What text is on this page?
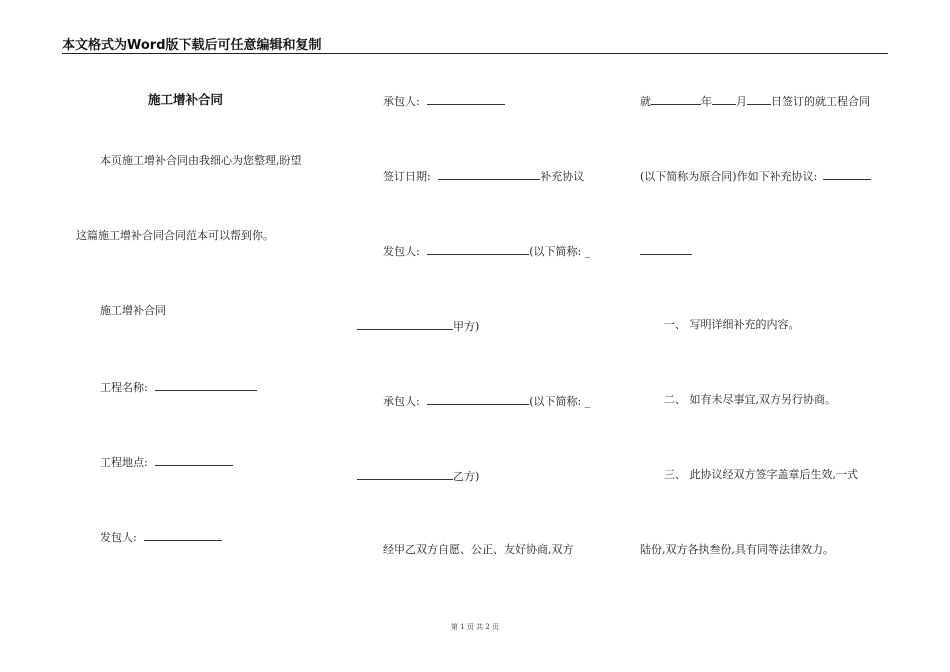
本文格式为Word版下载后可任意编辑和复制
施工增补合同
本页施工增补合同由我细心为您整理,盼望
这篇施工增补合同合同范本可以帮到你。
施工增补合同
工程名称:
工程地点:
发包人:
承包人:
签订日期:	补充协议
发包人:	(以下简称: _
甲方)
承包人:	(以下简称: _
乙方)
经甲乙双方自愿、公正、友好协商,双方
就	年 月 日签订的就工程合同
(以下简称为原合同)作如下补充协议:
一、 写明详细补充的内容。
二、 如有未尽事宜,双方另行协商。
三、 此协议经双方签字盖章后生效,一式
陆份,双方各执叁份,具有同等法律效力。
第 1 页 共 2 页
